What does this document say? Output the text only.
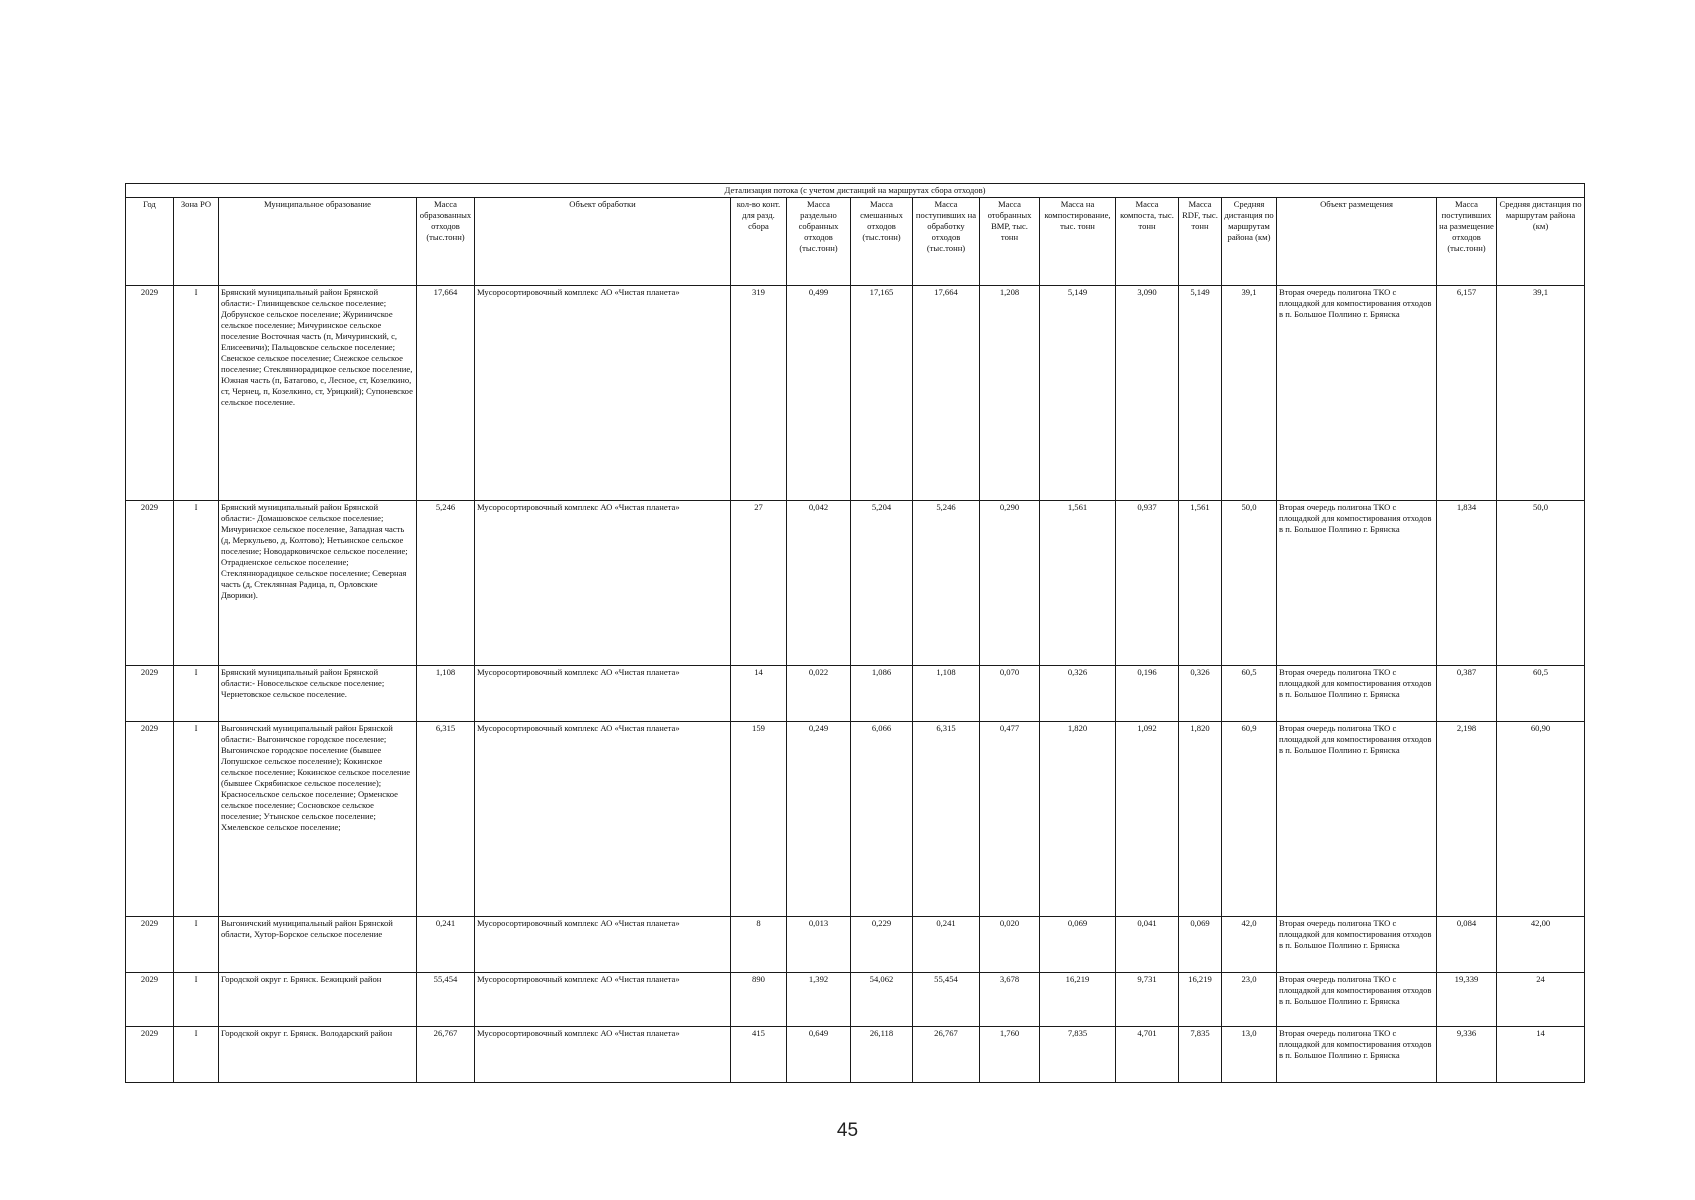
Детализация потока (с учетом дистанций на маршрутах сбора отходов)																
Год	Зона РО	Муниципальное образование	Масса образованных отходов (тыс.тонн)	Объект обработки	кол-во конт. для разд. сбора	Масса раздельно собранных отходов (тыс.тонн)	Масса смешанных отходов (тыс.тонн)	Масса поступивших на обработку отходов (тыс.тонн)	Масса отобранных ВМР, тыс. тонн	Масса на компостирование, тыс. тонн	Масса компоста, тыс. тонн	Масса RDF, тыс. тонн	Средняя дистанция по маршрутам района (км)	Объект размещения	Масса поступивших на размещение отходов (тыс.тонн)	Средняя дистанция по маршрутам района (км)
2029	I	Брянский муниципальный район Брянской области:- Глинищевское сельское поселение; Добрунское сельское поселение; Журиничское сельское поселение; Мичуринское сельское поселение Восточная часть (п, Мичуринский, с, Елисеевичи); Пальцовское сельское поселение; Свенское сельское поселение; Снежское сельское поселение; Стекляннорадицкое сельское поселение, Южная часть (п, Батагово, с, Лесное, ст, Козелкино, ст, Чернец, п, Козелкино, ст, Урицкий); Супоневское сельское поселение.	17,664	Мусоросортировочный комплекс АО «Чистая планета»	319	0,499	17,165	17,664	1,208	5,149	3,090	5,149	39,1	Вторая очередь полигона ТКО с площадкой для компостирования отходов в п. Большое Полпино г. Брянска	6,157	39,1
2029	I	Брянский муниципальный район Брянской области:- Домашовское сельское поселение; Мичуринское сельское поселение, Западная часть (д, Меркульево, д, Колтово); Нетьинское сельское поселение; Новодарковичское сельское поселение; Отрадненское сельское поселение; Стекляннорадицкое сельское поселение; Северная часть (д, Стеклянная Радица, п, Орловские Дворики).	5,246	Мусоросортировочный комплекс АО «Чистая планета»	27	0,042	5,204	5,246	0,290	1,561	0,937	1,561	50,0	Вторая очередь полигона ТКО с площадкой для компостирования отходов в п. Большое Полпино г. Брянска	1,834	50,0
2029	I	Брянский муниципальный район Брянской области:- Новосельское сельское поселение; Чернетовское сельское поселение.	1,108	Мусоросортировочный комплекс АО «Чистая планета»	14	0,022	1,086	1,108	0,070	0,326	0,196	0,326	60,5	Вторая очередь полигона ТКО с площадкой для компостирования отходов в п. Большое Полпино г. Брянска	0,387	60,5
2029	I	Выгоничский муниципальный район Брянской области:- Выгоничское городское поселение; Выгоничское городское поселение (бывшее Лопушское сельское поселение); Кокинское сельское поселение; Кокинское сельское поселение (бывшее Скрябинское сельское поселение); Красносельское сельское поселение; Орменское сельское поселение; Сосновское сельское поселение; Утынское сельское поселение; Хмелевское сельское поселение;	6,315	Мусоросортировочный комплекс АО «Чистая планета»	159	0,249	6,066	6,315	0,477	1,820	1,092	1,820	60,9	Вторая очередь полигона ТКО с площадкой для компостирования отходов в п. Большое Полпино г. Брянска	2,198	60,90
2029	I	Выгоничский муниципальный район Брянской области, Хутор-Борское сельское поселение	0,241	Мусоросортировочный комплекс АО «Чистая планета»	8	0,013	0,229	0,241	0,020	0,069	0,041	0,069	42,0	Вторая очередь полигона ТКО с площадкой для компостирования отходов в п. Большое Полпино г. Брянска	0,084	42,00
2029	I	Городской округ г. Брянск. Бежицкий район	55,454	Мусоросортировочный комплекс АО «Чистая планета»	890	1,392	54,062	55,454	3,678	16,219	9,731	16,219	23,0	Вторая очередь полигона ТКО с площадкой для компостирования отходов в п. Большое Полпино г. Брянска	19,339	24
2029	I	Городской округ г. Брянск. Володарский район	26,767	Мусоросортировочный комплекс АО «Чистая планета»	415	0,649	26,118	26,767	1,760	7,835	4,701	7,835	13,0	Вторая очередь полигона ТКО с площадкой для компостирования отходов в п. Большое Полпино г. Брянска	9,336	14
45
